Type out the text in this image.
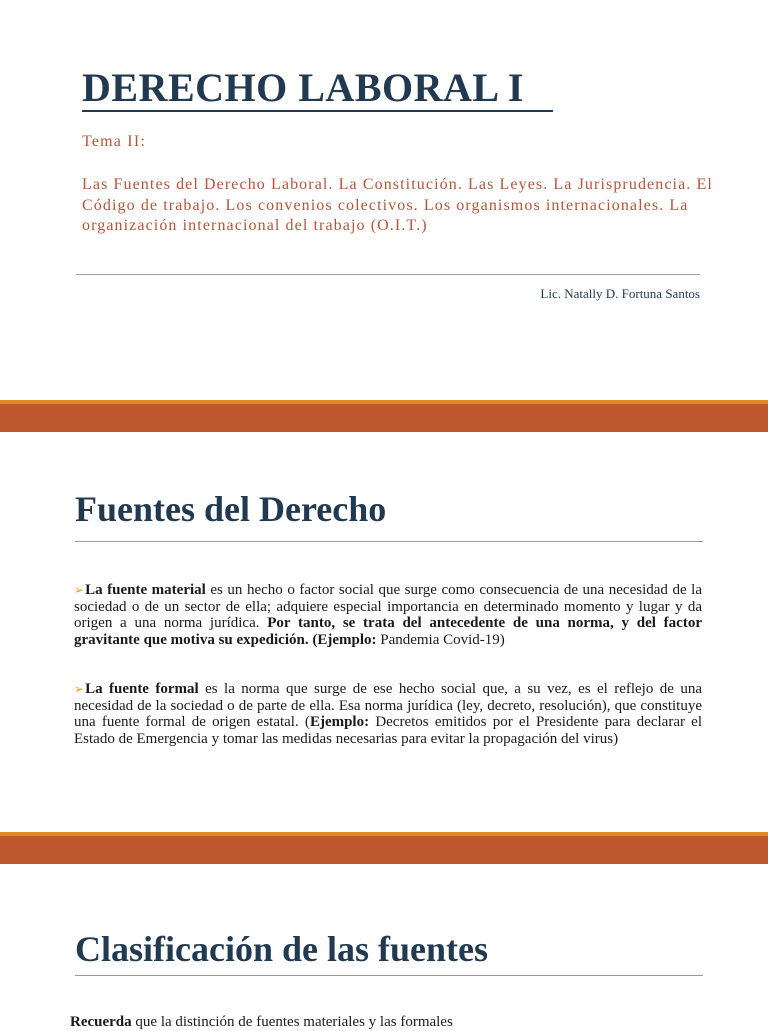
DERECHO LABORAL I

Tema II:

Las Fuentes del Derecho Laboral. La Constitución. Las Leyes. La Jurisprudencia. El Código de trabajo. Los convenios colectivos. Los organismos internacionales. La organización internacional del trabajo (O.I.T.)

Lic. Natally D. Fortuna Santos

Fuentes del Derecho

➢La fuente material es un hecho o factor social que surge como consecuencia de una necesidad de la sociedad o de un sector de ella; adquiere especial importancia en determinado momento y lugar y da origen a una norma jurídica. Por tanto, se trata del antecedente de una norma, y del factor gravitante que motiva su expedición. (Ejemplo: Pandemia Covid-19)

➢La fuente formal es la norma que surge de ese hecho social que, a su vez, es el reflejo de una necesidad de la sociedad o de parte de ella. Esa norma jurídica (ley, decreto, resolución), que constituye una fuente formal de origen estatal. (Ejemplo: Decretos emitidos por el Presidente para declarar el Estado de Emergencia y tomar las medidas necesarias para evitar la propagación del virus)

Clasificación de las fuentes

Recuerda que la distinción de fuentes materiales y las formales
